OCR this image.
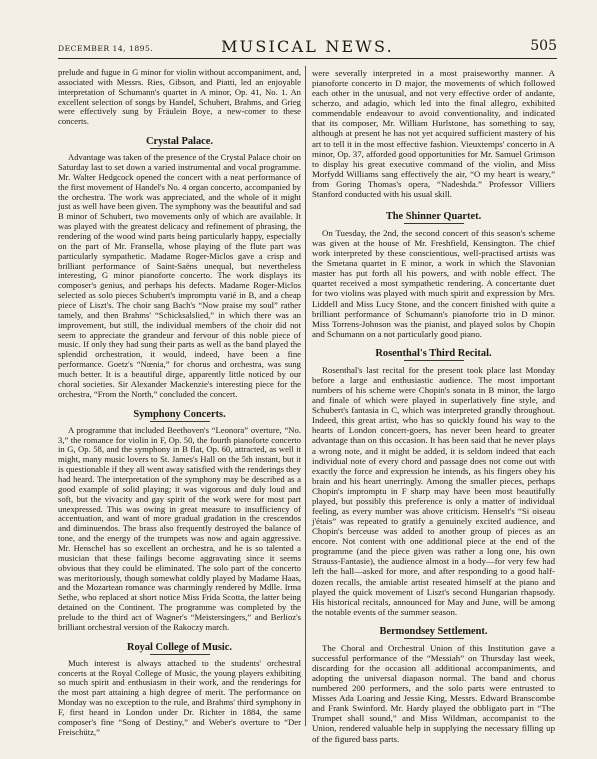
DECEMBER 14, 1895.	MUSICAL NEWS.	505

prelude and fugue in G minor for violin without accompaniment, and, associated with Messrs. Ries, Gibson, and Piatti, led an enjoyable interpretation of Schumann's quartet in A minor, Op. 41, No. 1. An excellent selection of songs by Handel, Schubert, Brahms, and Grieg were effectively sung by Fräulein Boye, a new-comer to these concerts.

Crystal Palace.

Advantage was taken of the presence of the Crystal Palace choir on Saturday last to set down a varied instrumental and vocal programme. Mr. Walter Hedgcock opened the concert with a neat performance of the first movement of Handel's No. 4 organ concerto, accompanied by the orchestra. The work was appreciated, and the whole of it might just as well have been given. The symphony was the beautiful and sad B minor of Schubert, two movements only of which are available. It was played with the greatest delicacy and refinement of phrasing, the rendering of the wood wind parts being particularly happy, especially on the part of Mr. Fransella, whose playing of the flute part was particularly sympathetic. Madame Roger-Miclos gave a crisp and brilliant performance of Saint-Saëns unequal, but nevertheless interesting, G minor pianoforte concerto. The work displays its composer's genius, and perhaps his defects. Madame Roger-Miclos selected as solo pieces Schubert's impromptu varié in B, and a cheap piece of Liszt's. The choir sang Bach's “Now praise my soul” rather tamely, and then Brahms' “Schicksalslied,” in which there was an improvement, but still, the individual members of the choir did not seem to appreciate the grandeur and fervour of this noble piece of music. If only they had sung their parts as well as the band played the splendid orchestration, it would, indeed, have been a fine performance. Goetz's “Nœnia,” for chorus and orchestra, was sung much better. It is a beautiful dirge, apparently little noticed by our choral societies. Sir Alexander Mackenzie's interesting piece for the orchestra, “From the North,” concluded the concert.

Symphony Concerts.

A programme that included Beethoven's “Leonora” overture, “No. 3,” the romance for violin in F, Op. 50, the fourth pianoforte concerto in G, Op. 58, and the symphony in B flat, Op. 60, attracted, as well it might, many music lovers to St. James's Hall on the 5th instant, but it is questionable if they all went away satisfied with the renderings they had heard. The interpretation of the symphony may be described as a good example of solid playing; it was vigorous and duly loud and soft, but the vivacity and gay spirit of the work were for most part unexpressed. This was owing in great measure to insufficiency of accentuation, and want of more gradual gradation in the crescendos and diminuendos. The brass also frequently destroyed the balance of tone, and the energy of the trumpets was now and again aggressive. Mr. Henschel has so excellent an orchestra, and he is so talented a musician that these failings become aggravating since it seems obvious that they could be eliminated. The solo part of the concerto was meritoriously, though somewhat coldly played by Madame Haas, and the Mozartean romance was charmingly rendered by Mdlle. Irma Sethe, who replaced at short notice Miss Frida Scotta, the latter being detained on the Continent. The programme was completed by the prelude to the third act of Wagner's “Meistersingers,” and Berlioz's brilliant orchestral version of the Rakoczy march.

Royal College of Music.

Much interest is always attached to the students' orchestral concerts at the Royal College of Music, the young players exhibiting so much spirit and enthusiasm in their work, and the renderings for the most part attaining a high degree of merit. The performance on Monday was no exception to the rule, and Brahms' third symphony in F, first heard in London under Dr. Richter in 1884, the same composer's fine “Song of Destiny,” and Weber's overture to “Der Freischütz,”

were severally interpreted in a most praiseworthy manner. A pianoforte concerto in D major, the movements of which followed each other in the unusual, and not very effective order of andante, scherzo, and adagio, which led into the final allegro, exhibited commendable endeavour to avoid conventionality, and indicated that its composer, Mr. William Hurlstone, has something to say, although at present he has not yet acquired sufficient mastery of his art to tell it in the most effective fashion. Vieuxtemps' concerto in A minor, Op. 37, afforded good opportunities for Mr. Samuel Grimson to display his great executive command of the violin, and Miss Morfydd Williams sang effectively the air, “O my heart is weary,” from Goring Thomas's opera, “Nadeshda.” Professor Villiers Stanford conducted with his usual skill.

The Shinner Quartet.

On Tuesday, the 2nd, the second concert of this season's scheme was given at the house of Mr. Freshfield, Kensington. The chief work interpreted by these conscientious, well-practised artists was the Smetana quartet in E minor, a work in which the Slavonian master has put forth all his powers, and with noble effect. The quartet received a most sympathetic rendering. A concertante duet for two violins was played with much spirit and expression by Mrs. Liddell and Miss Lucy Stone, and the concert finished with quite a brilliant performance of Schumann's pianoforte trio in D minor. Miss Torrens-Johnson was the pianist, and played solos by Chopin and Schumann on a not particularly good piano.

Rosenthal's Third Recital.

Rosenthal's last recital for the present took place last Monday before a large and enthusiastic audience. The most important numbers of his scheme were Chopin's sonata in B minor, the largo and finale of which were played in superlatively fine style, and Schubert's fantasia in C, which was interpreted grandly throughout. Indeed, this great artist, who has so quickly found his way to the hearts of London concert-goers, has never been heard to greater advantage than on this occasion. It has been said that he never plays a wrong note, and it might be added, it is seldom indeed that each individual note of every chord and passage does not come out with exactly the force and expression he intends, as his fingers obey his brain and his heart unerringly. Among the smaller pieces, perhaps Chopin's impromptu in F sharp may have been most beautifully played, but possibly this preference is only a matter of individual feeling, as every number was above criticism. Henselt's “Si oiseau j'étais” was repeated to gratify a genuinely excited audience, and Chopin's berceuse was added to another group of pieces as an encore. Not content with one additional piece at the end of the programme (and the piece given was rather a long one, his own Strauss-Fantasie), the audience almost in a body—for very few had left the hall—asked for more, and after responding to a good half-dozen recalls, the amiable artist reseated himself at the piano and played the quick movement of Liszt's second Hungarian rhapsody. His historical recitals, announced for May and June, will be among the notable events of the summer season.

Bermondsey Settlement.

The Choral and Orchestral Union of this Institution gave a successful performance of the “Messiah” on Thursday last week, discarding for the occasion all additional accompaniments, and adopting the universal diapason normal. The band and chorus numbered 200 performers, and the solo parts were entrusted to Misses Ada Loaring and Jessie King, Messrs. Edward Branscombe and Frank Swinford. Mr. Hardy played the obbligato part in “The Trumpet shall sound,” and Miss Wildman, accompanist to the Union, rendered valuable help in supplying the necessary filling up of the figured bass parts.
